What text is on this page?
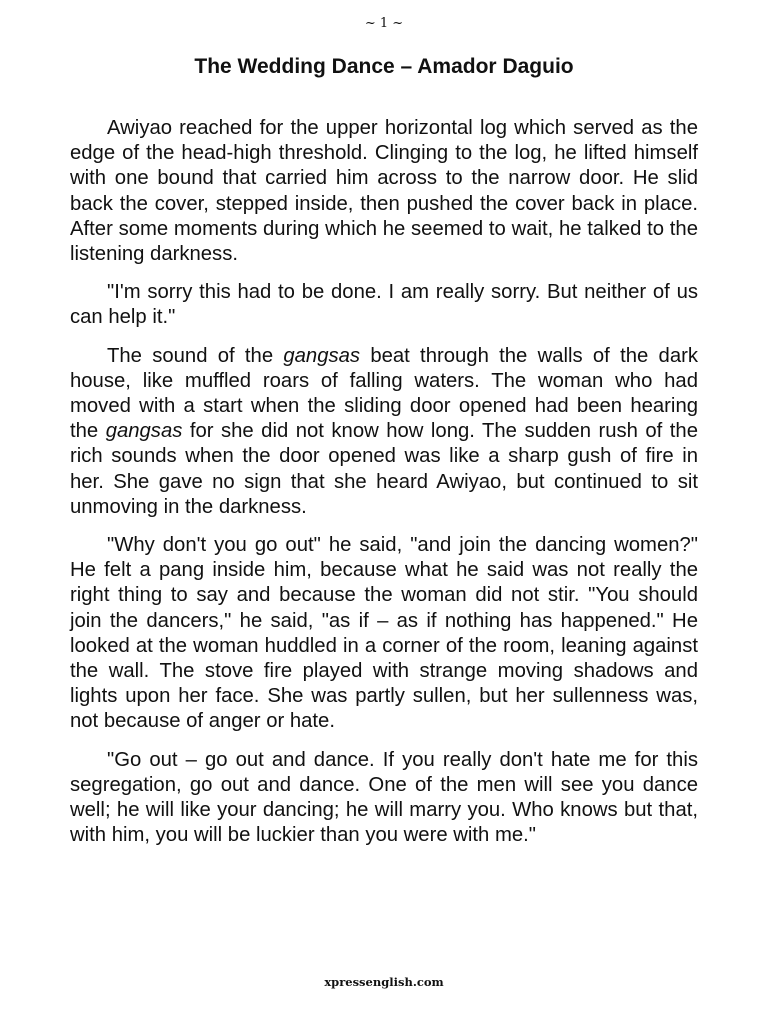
~ 1 ~
The Wedding Dance – Amador Daguio

Awiyao reached for the upper horizontal log which served as the edge of the head-high threshold. Clinging to the log, he lifted himself with one bound that carried him across to the narrow door. He slid back the cover, stepped inside, then pushed the cover back in place. After some moments during which he seemed to wait, he talked to the listening darkness.

"I'm sorry this had to be done. I am really sorry. But neither of us can help it."

The sound of the gangsas beat through the walls of the dark house, like muffled roars of falling waters. The woman who had moved with a start when the sliding door opened had been hearing the gangsas for she did not know how long. The sudden rush of the rich sounds when the door opened was like a sharp gush of fire in her. She gave no sign that she heard Awiyao, but continued to sit unmoving in the darkness.

"Why don't you go out" he said, "and join the dancing women?" He felt a pang inside him, because what he said was not really the right thing to say and because the woman did not stir. "You should join the dancers," he said, "as if – as if nothing has happened." He looked at the woman huddled in a corner of the room, leaning against the wall. The stove fire played with strange moving shadows and lights upon her face. She was partly sullen, but her sullenness was, not because of anger or hate.

"Go out – go out and dance. If you really don't hate me for this segregation, go out and dance. One of the men will see you dance well; he will like your dancing; he will marry you. Who knows but that, with him, you will be luckier than you were with me."

xpressenglish.com
